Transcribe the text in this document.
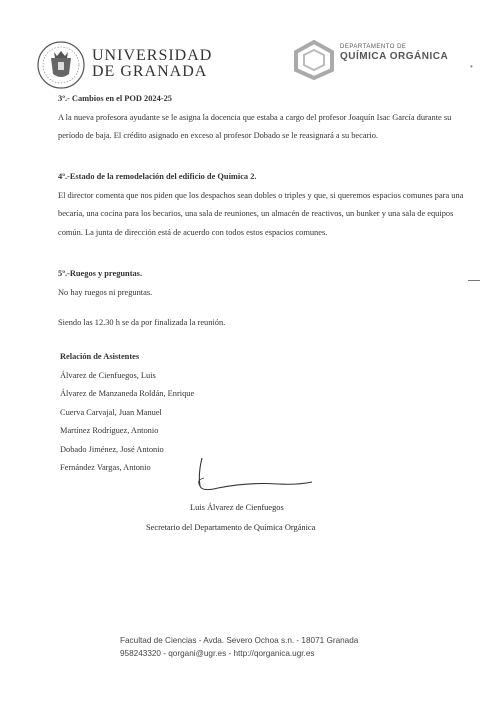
UNIVERSIDAD
DE GRANADA
DEPARTAMENTO DE
QUÍMICA ORGÁNICA
•
3º.- Cambios en el POD 2024-25
A la nueva profesora ayudante se le asigna la docencia que estaba a cargo del profesor Joaquín Isac García durante su período de baja. El crédito asignado en exceso al profesor Dobado se le reasignará a su becario.
4º.-Estado de la remodelación del edificio de Química 2.
El director comenta que nos piden que los despachos sean dobles o triples y que, si queremos espacios comunes para una becaría, una cocina para los becarios, una sala de reuniones, un almacén de reactivos, un bunker y una sala de equipos común. La junta de dirección está de acuerdo con todos estos espacios comunes.
5º.-Ruegos y preguntas.
No hay ruegos ni preguntas.
Siendo las 12.30 h se da por finalizada la reunión.
Relación de Asistentes
Álvarez de Cienfuegos, Luis
Álvarez de Manzaneda Roldán, Enrique
Cuerva Carvajal, Juan Manuel
Martínez Rodríguez, Antonio
Dobado Jiménez, José Antonio
Fernández Vargas, Antonio
Luis Álvarez de Cienfuegos
Secretario del Departamento de Química Orgánica
Facultad de Ciencias - Avda. Severo Ochoa s.n. - 18071 Granada
958243320 - qorgani@ugr.es - http://qorganica.ugr.es
